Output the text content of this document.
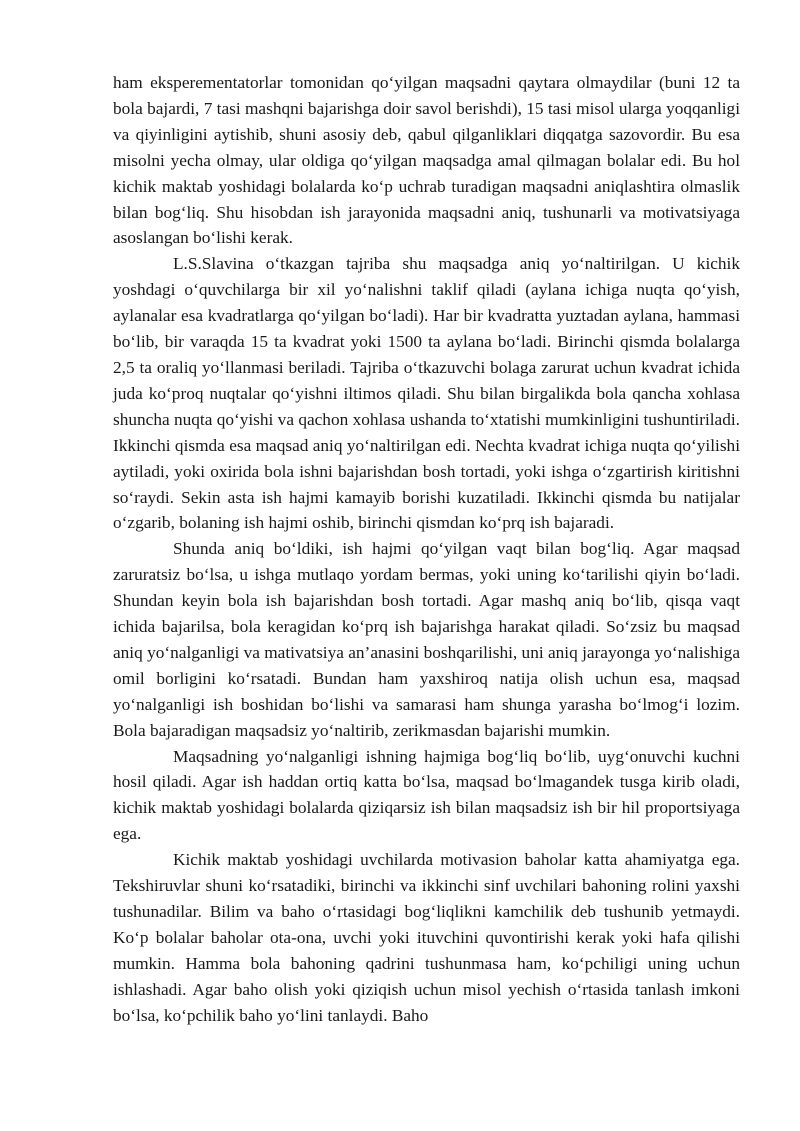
ham eksperementatorlar tomonidan qo‘yilgan maqsadni qaytara olmaydilar (buni 12 ta bola bajardi, 7 tasi mashqni bajarishga doir savol berishdi), 15 tasi misol ularga yoqqanligi va qiyinligini aytishib, shuni asosiy deb, qabul qilganliklari diqqatga sazovordir. Bu esa misolni yecha olmay, ular oldiga qo‘yilgan maqsadga amal qilmagan bolalar edi. Bu hol kichik maktab yoshidagi bolalarda ko‘p uchrab turadigan maqsadni aniqlashtira olmaslik bilan bog‘liq. Shu hisobdan ish jarayonida maqsadni aniq, tushunarli va motivatsiyaga asoslangan bo‘lishi kerak.

L.S.Slavina o‘tkazgan tajriba shu maqsadga aniq yo‘naltirilgan. U kichik yoshdagi o‘quvchilarga bir xil yo‘nalishni taklif qiladi (aylana ichiga nuqta qo‘yish, aylanalar esa kvadratlarga qo‘yilgan bo‘ladi). Har bir kvadratta yuztadan aylana, hammasi bo‘lib, bir varaqda 15 ta kvadrat yoki 1500 ta aylana bo‘ladi. Birinchi qismda bolalarga 2,5 ta oraliq yo‘llanmasi beriladi. Tajriba o‘tkazuvchi bolaga zarurat uchun kvadrat ichida juda ko‘proq nuqtalar qo‘yishni iltimos qiladi. Shu bilan birgalikda bola qancha xohlasa shuncha nuqta qo‘yishi va qachon xohlasa ushanda to‘xtatishi mumkinligini tushuntiriladi. Ikkinchi qismda esa maqsad aniq yo‘naltirilgan edi. Nechta kvadrat ichiga nuqta qo‘yilishi aytiladi, yoki oxirida bola ishni bajarishdan bosh tortadi, yoki ishga o‘zgartirish kiritishni so‘raydi. Sekin asta ish hajmi kamayib borishi kuzatiladi. Ikkinchi qismda bu natijalar o‘zgarib, bolaning ish hajmi oshib, birinchi qismdan ko‘prq ish bajaradi.

Shunda aniq bo‘ldiki, ish hajmi qo‘yilgan vaqt bilan bog‘liq. Agar maqsad zaruratsiz bo‘lsa, u ishga mutlaqo yordam bermas, yoki uning ko‘tarilishi qiyin bo‘ladi. Shundan keyin bola ish bajarishdan bosh tortadi. Agar mashq aniq bo‘lib, qisqa vaqt ichida bajarilsa, bola keragidan ko‘prq ish bajarishga harakat qiladi. So‘zsiz bu maqsad aniq yo‘nalganligi va mativatsiya an’anasini boshqarilishi, uni aniq jarayonga yo‘nalishiga omil borligini ko‘rsatadi. Bundan ham yaxshiroq natija olish uchun esa, maqsad yo‘nalganligi ish boshidan bo‘lishi va samarasi ham shunga yarasha bo‘lmog‘i lozim. Bola bajaradigan maqsadsiz yo‘naltirib, zerikmasdan bajarishi mumkin.

Maqsadning yo‘nalganligi ishning hajmiga bog‘liq bo‘lib, uyg‘onuvchi kuchni hosil qiladi. Agar ish haddan ortiq katta bo‘lsa, maqsad bo‘lmagandek tusga kirib oladi, kichik maktab yoshidagi bolalarda qiziqarsiz ish bilan maqsadsiz ish bir hil proportsiyaga ega.

Kichik maktab yoshidagi uvchilarda motivasion baholar katta ahamiyatga ega. Tekshiruvlar shuni ko‘rsatadiki, birinchi va ikkinchi sinf uvchilari bahoning rolini yaxshi tushunadilar. Bilim va baho o‘rtasidagi bog‘liqlikni kamchilik deb tushunib yetmaydi. Ko‘p bolalar baholar ota-ona, uvchi yoki ituvchini quvontirishi kerak yoki hafa qilishi mumkin. Hamma bola bahoning qadrini tushunmasa ham, ko‘pchiligi uning uchun ishlashadi. Agar baho olish yoki qiziqish uchun misol yechish o‘rtasida tanlash imkoni bo‘lsa, ko‘pchilik baho yo‘lini tanlaydi. Baho
